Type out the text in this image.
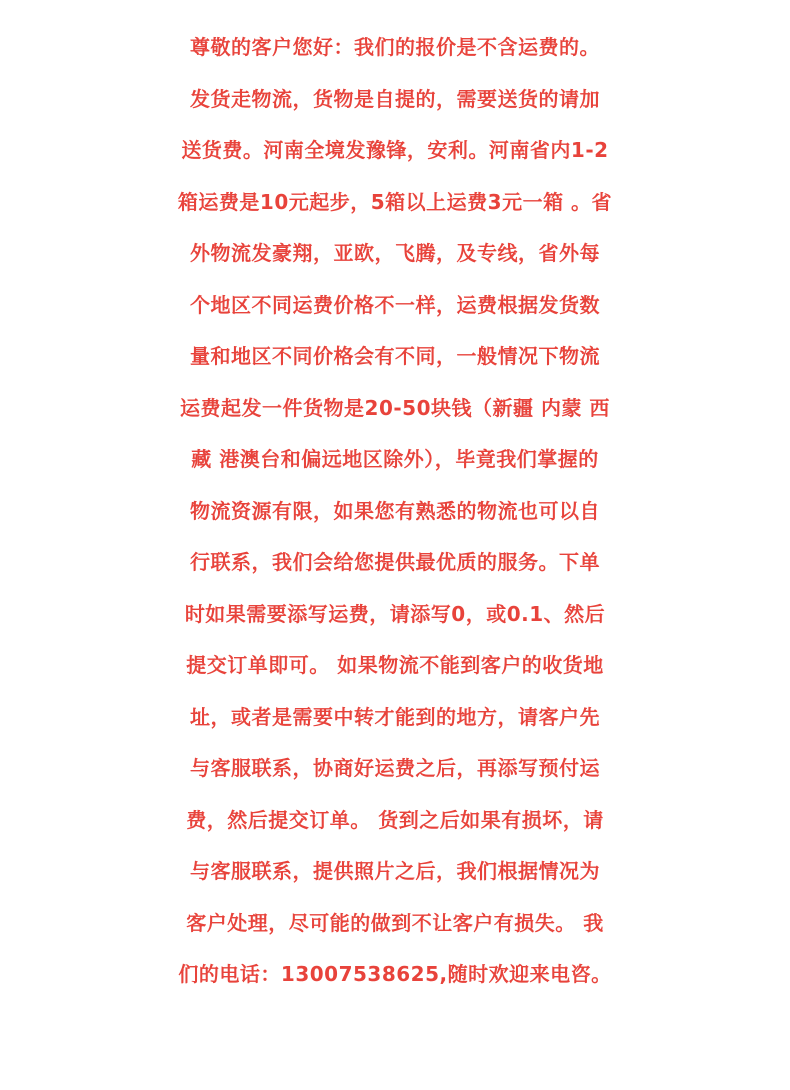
尊敬的客户您好：我们的报价是不含运费的。
发货走物流，货物是自提的，需要送货的请加
送货费。河南全境发豫锋，安利。河南省内1-2
箱运费是10元起步，5箱以上运费3元一箱 。省
外物流发豪翔，亚欧，飞腾，及专线，省外每
个地区不同运费价格不一样，运费根据发货数
量和地区不同价格会有不同，一般情况下物流
运费起发一件货物是20-50块钱（新疆 内蒙 西
藏 港澳台和偏远地区除外），毕竟我们掌握的
物流资源有限，如果您有熟悉的物流也可以自
行联系，我们会给您提供最优质的服务。下单
时如果需要添写运费，请添写0，或0.1、然后
提交订单即可。 如果物流不能到客户的收货地
址，或者是需要中转才能到的地方，请客户先
与客服联系，协商好运费之后，再添写预付运
费，然后提交订单。 货到之后如果有损坏，请
与客服联系，提供照片之后，我们根据情况为
客户处理，尽可能的做到不让客户有损失。 我
们的电话：13007538625,随时欢迎来电咨。
